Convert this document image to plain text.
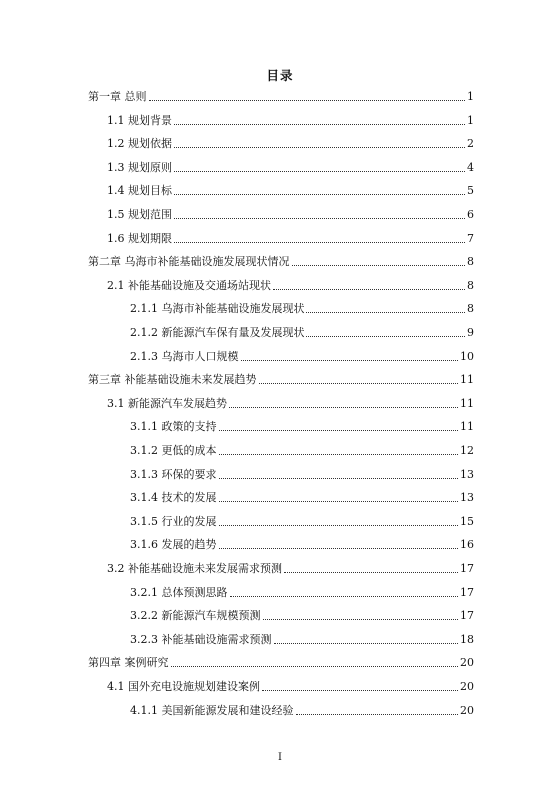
目录
第一章 总则	1
1.1 规划背景	1
1.2 规划依据	2
1.3 规划原则	4
1.4 规划目标	5
1.5 规划范围	6
1.6 规划期限	7
第二章 乌海市补能基础设施发展现状情况	8
2.1 补能基础设施及交通场站现状	8
2.1.1 乌海市补能基础设施发展现状	8
2.1.2 新能源汽车保有量及发展现状	9
2.1.3 乌海市人口规模	10
第三章 补能基础设施未来发展趋势	11
3.1 新能源汽车发展趋势	11
3.1.1 政策的支持	11
3.1.2 更低的成本	12
3.1.3 环保的要求	13
3.1.4 技术的发展	13
3.1.5 行业的发展	15
3.1.6 发展的趋势	16
3.2 补能基础设施未来发展需求预测	17
3.2.1 总体预测思路	17
3.2.2 新能源汽车规模预测	17
3.2.3 补能基础设施需求预测	18
第四章 案例研究	20
4.1 国外充电设施规划建设案例	20
4.1.1 美国新能源发展和建设经验	20
I
